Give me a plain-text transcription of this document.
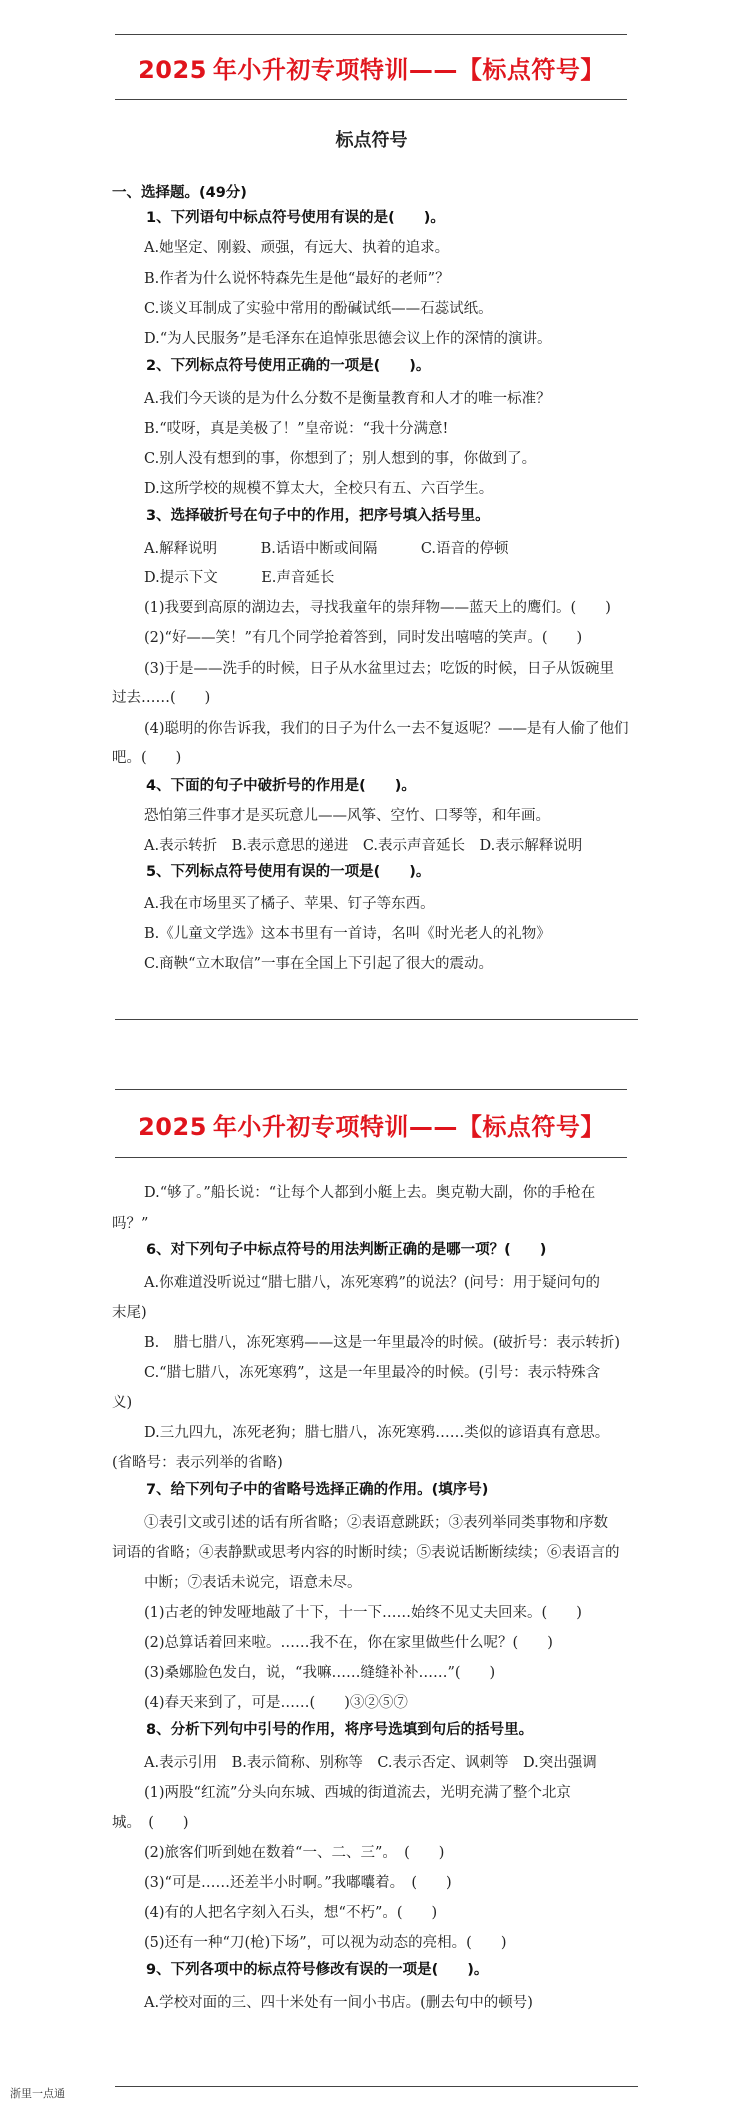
2025 年小升初专项特训——【标点符号】
标点符号
一、选择题。(49分)
1、下列语句中标点符号使用有误的是(　　)。
A.她坚定、刚毅、顽强，有远大、执着的追求。
B.作者为什么说怀特森先生是他“最好的老师”？
C.谈义耳制成了实验中常用的酚碱试纸——石蕊试纸。
D.“为人民服务”是毛泽东在追悼张思德会议上作的深情的演讲。
2、下列标点符号使用正确的一项是(　　)。
A.我们今天谈的是为什么分数不是衡量教育和人才的唯一标准？
B.“哎呀，真是美极了！”皇帝说：“我十分满意!
C.别人没有想到的事，你想到了；别人想到的事，你做到了。
D.这所学校的规模不算太大，全校只有五、六百学生。
3、选择破折号在句子中的作用，把序号填入括号里。
A.解释说明　　　B.话语中断或间隔　　　C.语音的停顿
D.提示下文　　　E.声音延长
(1)我要到高原的湖边去，寻找我童年的崇拜物——蓝天上的鹰们。(　　)
(2)“好——笑！”有几个同学抢着答到，同时发出嘻嘻的笑声。(　　)
(3)于是——洗手的时候，日子从水盆里过去；吃饭的时候，日子从饭碗里
过去……(　　)
(4)聪明的你告诉我，我们的日子为什么一去不复返呢？——是有人偷了他们
吧。(　　)
4、下面的句子中破折号的作用是(　　)。
恐怕第三件事才是买玩意儿——风筝、空竹、口琴等，和年画。
A.表示转折　B.表示意思的递进　C.表示声音延长　D.表示解释说明
5、下列标点符号使用有误的一项是(　　)。
A.我在市场里买了橘子、苹果、钉子等东西。
B.《儿童文学选》这本书里有一首诗，名叫《时光老人的礼物》
C.商鞅“立木取信”一事在全国上下引起了很大的震动。
2025 年小升初专项特训——【标点符号】
D.“够了。”船长说：“让每个人都到小艇上去。奥克勒大副，你的手枪在
吗？”
6、对下列句子中标点符号的用法判断正确的是哪一项？(　　)
A.你难道没听说过“腊七腊八，冻死寒鸦”的说法？(问号：用于疑问句的
末尾)
B.　腊七腊八，冻死寒鸦——这是一年里最冷的时候。(破折号：表示转折)
C.“腊七腊八，冻死寒鸦”，这是一年里最冷的时候。(引号：表示特殊含
义)
D.三九四九，冻死老狗；腊七腊八，冻死寒鸦……类似的谚语真有意思。
(省略号：表示列举的省略)
7、给下列句子中的省略号选择正确的作用。(填序号)
①表引文或引述的话有所省略；②表语意跳跃；③表列举同类事物和序数
词语的省略；④表静默或思考内容的时断时续；⑤表说话断断续续；⑥表语言的
中断；⑦表话未说完，语意未尽。
(1)古老的钟发哑地敲了十下，十一下……始终不见丈夫回来。(　　)
(2)总算话着回来啦。……我不在，你在家里做些什么呢？(　　)
(3)桑娜脸色发白，说，“我嘛……缝缝补补……”(　　)
(4)春天来到了，可是……(　　)③②⑤⑦
8、分析下列句中引号的作用，将序号选填到句后的括号里。
A.表示引用　B.表示简称、别称等　C.表示否定、讽刺等　D.突出强调
(1)两股“红流”分头向东城、西城的街道流去，光明充满了整个北京
城。　(　　)
(2)旅客们听到她在数着“一、二、三”。　(　　)
(3)“可是……还差半小时啊。”我嘟囔着。　(　　)
(4)有的人把名字刻入石头，想“不朽”。(　　)
(5)还有一种“刀(枪)下场”，可以视为动态的亮相。(　　)
9、下列各项中的标点符号修改有误的一项是(　　)。
A.学校对面的三、四十米处有一间小书店。(删去句中的顿号)
浙里一点通
